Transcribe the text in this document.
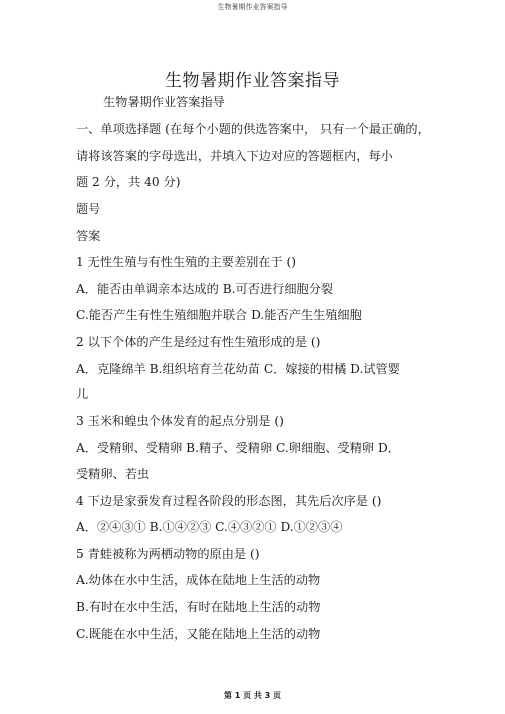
生物暑期作业答案指导
生物暑期作业答案指导
生物暑期作业答案指导
一、单项选择题 (在每个小题的供选答案中， 只有一个最正确的，
请将该答案的字母选出，并填入下边对应的答题框内，每小
题 2 分，共 40 分)
题号
答案
1 无性生殖与有性生殖的主要差别在于 ()
A．能否由单调亲本达成的 B.可否进行细胞分裂
C.能否产生有性生殖细胞并联合 D.能否产生生殖细胞
2 以下个体的产生是经过有性生殖形成的是 ()
A．克隆绵羊 B.组织培育兰花幼苗 C．嫁接的柑橘 D.试管婴
儿
3 玉米和蝗虫个体发育的起点分别是 ()
A．受精卵、受精卵 B.精子、受精卵 C.卵细胞、受精卵 D．
受精卵、若虫
4 下边是家蚕发育过程各阶段的形态图，其先后次序是 ()
A．②④③① B.①④②③ C.④③②① D.①②③④
5 青蛙被称为两栖动物的原由是 ()
A.幼体在水中生活，成体在陆地上生活的动物
B.有时在水中生活，有时在陆地上生活的动物
C.既能在水中生活，又能在陆地上生活的动物
第 1 页 共 3 页
